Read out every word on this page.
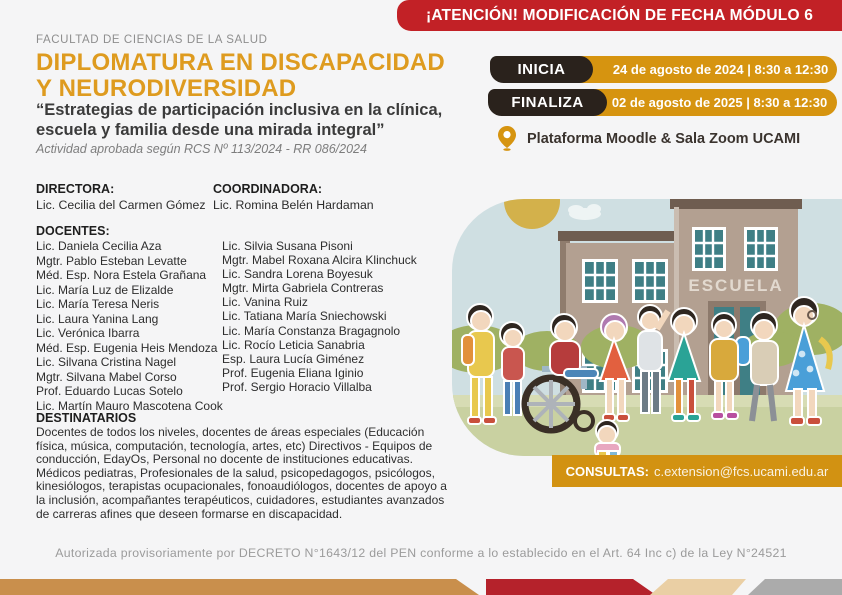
¡ATENCIÓN! MODIFICACIÓN DE FECHA MÓDULO 6
FACULTAD DE CIENCIAS DE LA SALUD
DIPLOMATURA EN DISCAPACIDAD
Y NEURODIVERSIDAD
“Estrategias de participación inclusiva en la clínica,
escuela y familia desde una mirada integral”
Actividad aprobada según RCS Nº 113/2024 - RR 086/2024
24 de agosto de 2024 | 8:30 a 12:30
INICIA
02 de agosto de 2025 | 8:30 a 12:30
FINALIZA
Plataforma Moodle & Sala Zoom UCAMI
DIRECTORA:
Lic. Cecilia del Carmen Gómez
COORDINADORA:
Lic. Romina Belén Hardaman
DOCENTES:
Lic. Daniela Cecilia Aza
Mgtr. Pablo Esteban Levatte
Méd. Esp. Nora Estela Grañana
Lic. María Luz de Elizalde
Lic. María Teresa Neris
Lic. Laura Yanina Lang
Lic. Verónica Ibarra
Méd. Esp. Eugenia Heis Mendoza
Lic. Silvana Cristina Nagel
Mgtr. Silvana Mabel Corso
Prof. Eduardo Lucas Sotelo
Lic. Martín Mauro Mascotena Cook
Lic. Silvia Susana Pisoni
Mgtr. Mabel Roxana Alcira Klinchuck
Lic. Sandra Lorena Boyesuk
Mgtr. Mirta Gabriela Contreras
Lic. Vanina Ruiz
Lic. Tatiana María Sniechowski
Lic. María Constanza Bragagnolo
Lic. Rocío Leticia Sanabria
Esp. Laura Lucía Giménez
Prof. Eugenia Eliana Iginio
Prof. Sergio Horacio Villalba
DESTINATARIOS
Docentes de todos los niveles, docentes de áreas especiales (Educación física, música, computación, tecnología, artes, etc) Directivos - Equipos de conducción, EdayOs, Personal no docente de instituciones educativas. Médicos pediatras, Profesionales de la salud, psicopedagogos, psicólogos, kinesiólogos, terapistas ocupacionales, fonoaudiólogos, docentes de apoyo a la inclusión, acompañantes terapéuticos, cuidadores, estudiantes avanzados de carreras afines que deseen formarse en discapacidad.
ESCUELA
CONSULTAS: c.extension@fcs.ucami.edu.ar
Autorizada provisoriamente por DECRETO N°1643/12 del PEN conforme a lo establecido en el Art. 64 Inc c) de la Ley N°24521
